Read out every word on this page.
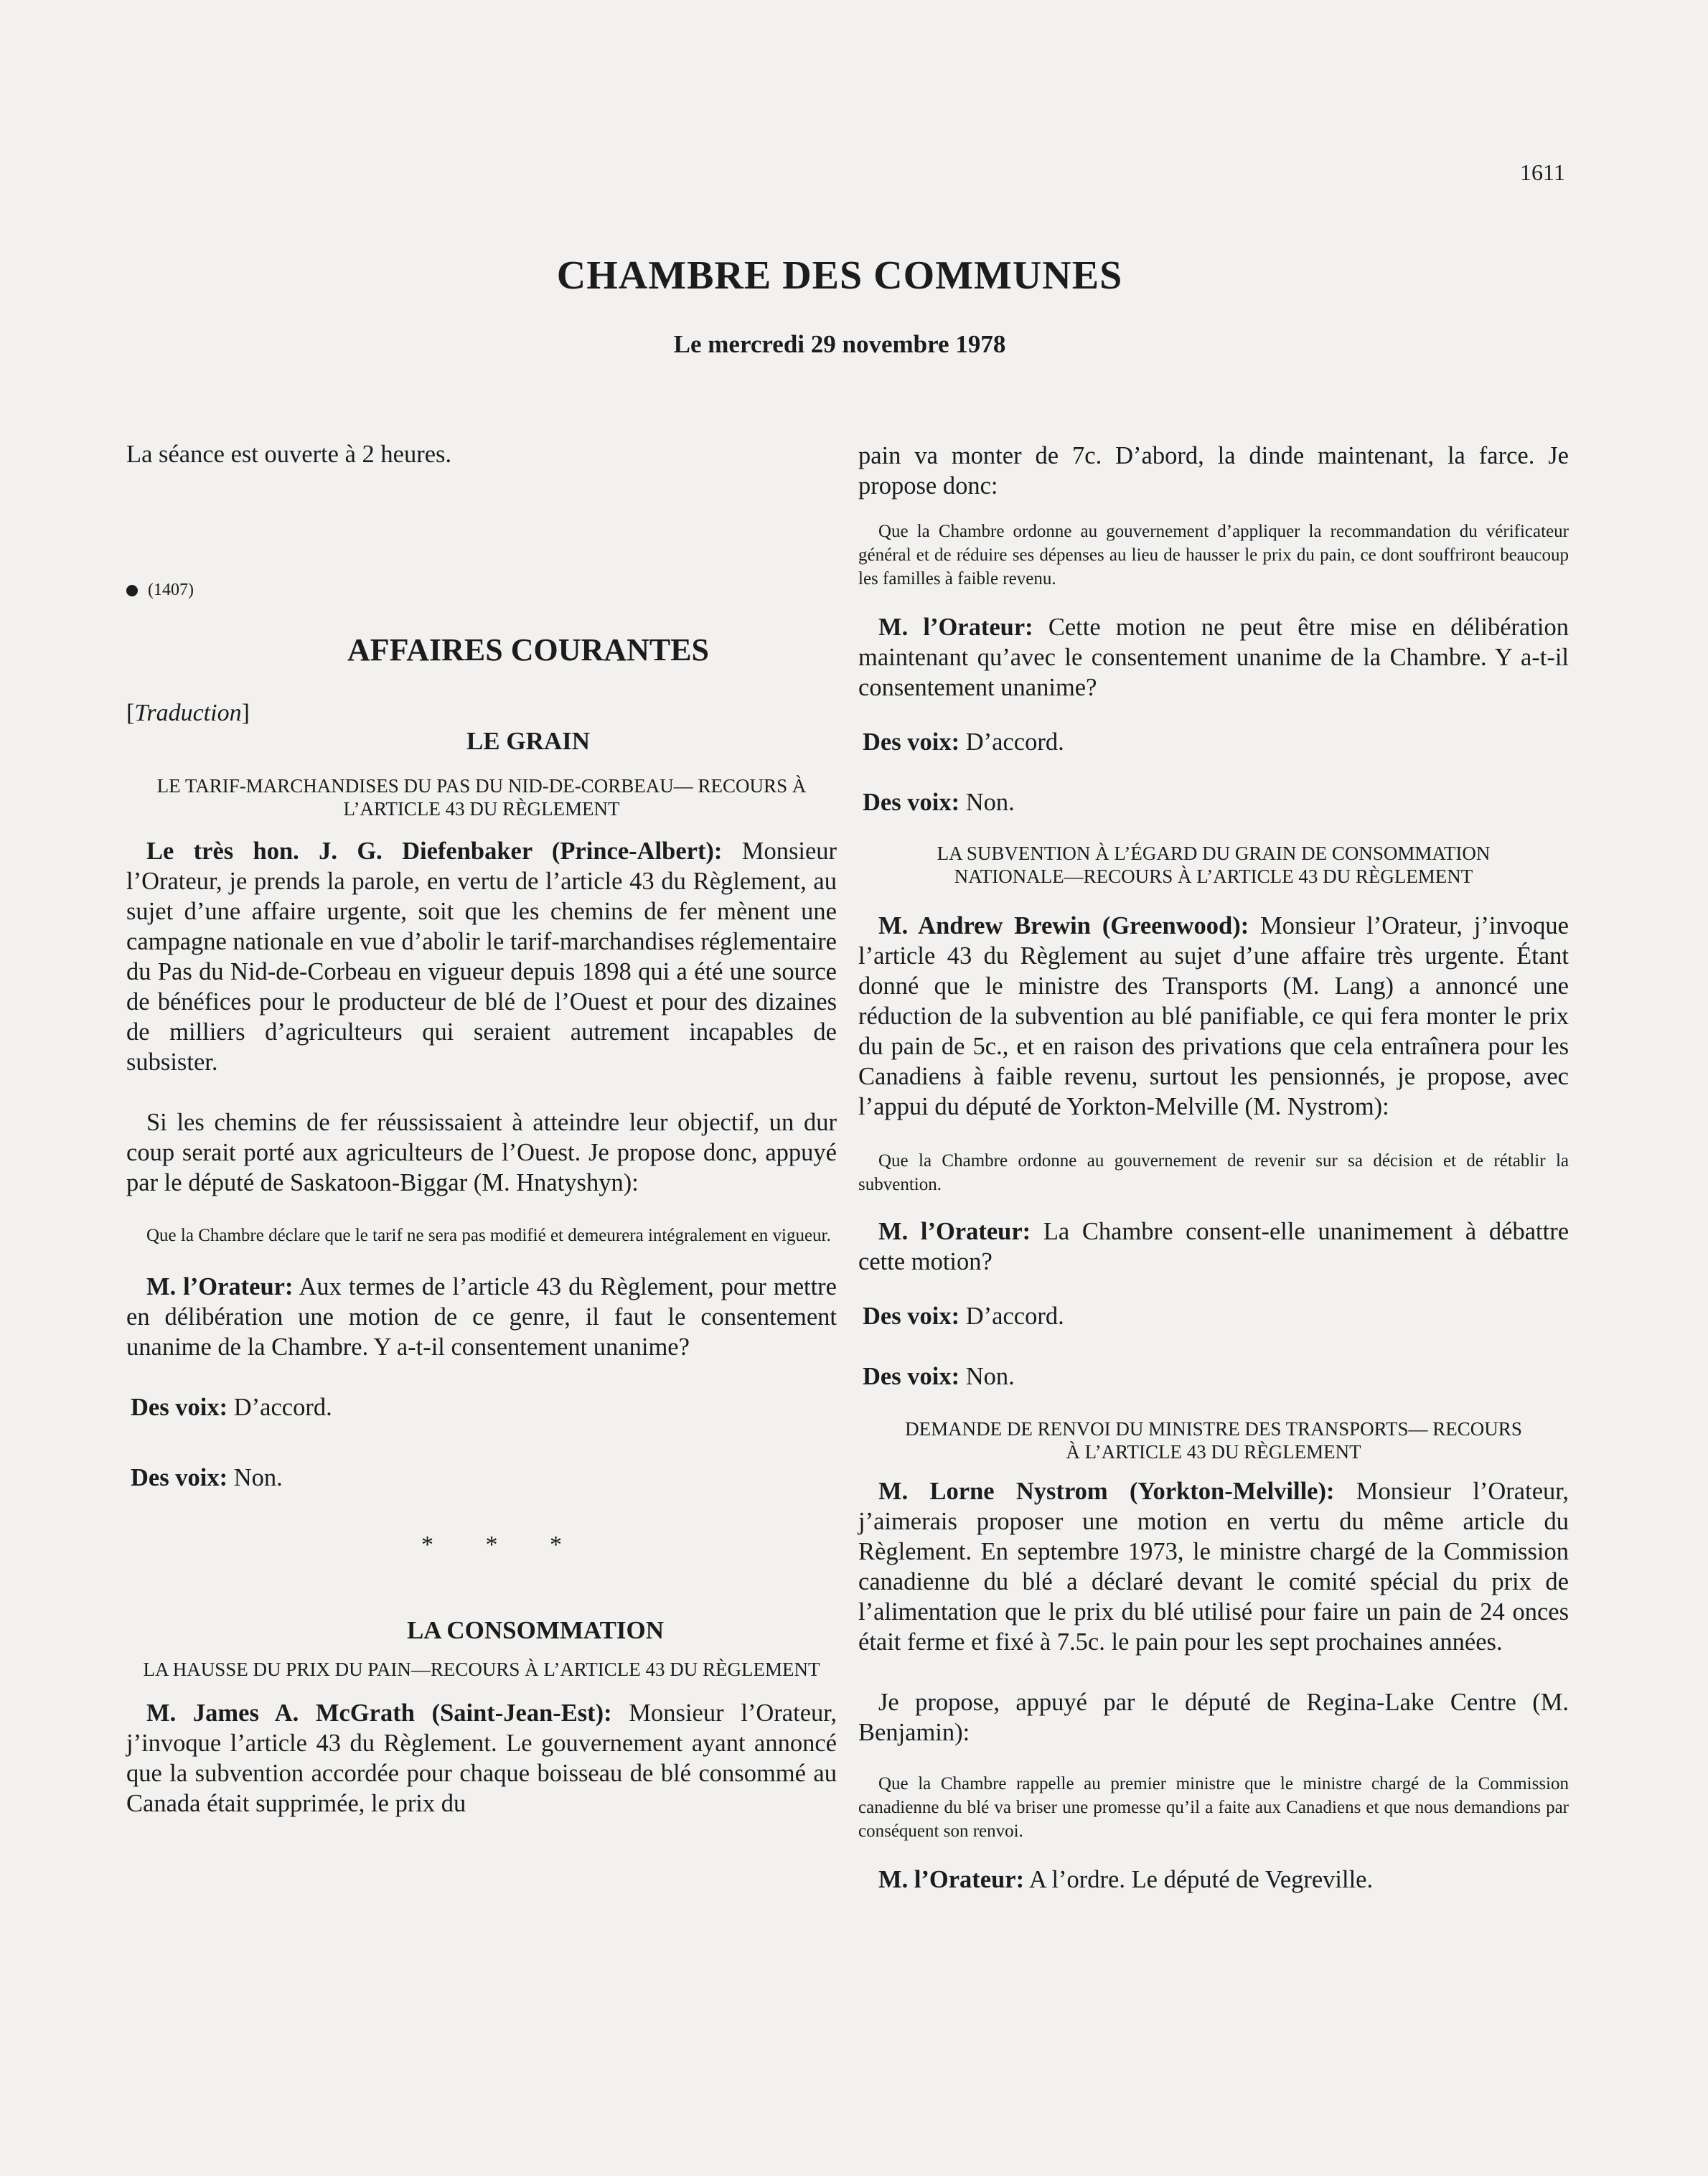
1611
CHAMBRE DES COMMUNES
Le mercredi 29 novembre 1978

La séance est ouverte à 2 heures.

(1407)
AFFAIRES COURANTES
[Traduction]
LE GRAIN
LE TARIF-MARCHANDISES DU PAS DU NID-DE-CORBEAU— RECOURS À L’ARTICLE 43 DU RÈGLEMENT

Le très hon. J. G. Diefenbaker (Prince-Albert): Monsieur l’Orateur, je prends la parole, en vertu de l’article 43 du Règlement, au sujet d’une affaire urgente, soit que les chemins de fer mènent une campagne nationale en vue d’abolir le tarif-marchandises réglementaire du Pas du Nid-de-Corbeau en vigueur depuis 1898 qui a été une source de bénéfices pour le producteur de blé de l’Ouest et pour des dizaines de milliers d’agriculteurs qui seraient autrement incapables de subsister.

Si les chemins de fer réussissaient à atteindre leur objectif, un dur coup serait porté aux agriculteurs de l’Ouest. Je propose donc, appuyé par le député de Saskatoon-Biggar (M. Hnatyshyn):

Que la Chambre déclare que le tarif ne sera pas modifié et demeurera intégralement en vigueur.

M. l’Orateur: Aux termes de l’article 43 du Règlement, pour mettre en délibération une motion de ce genre, il faut le consentement unanime de la Chambre. Y a-t-il consentement unanime?

Des voix: D’accord.

Des voix: Non.

* * *
LA CONSOMMATION
LA HAUSSE DU PRIX DU PAIN—RECOURS À L’ARTICLE 43 DU RÈGLEMENT

M. James A. McGrath (Saint-Jean-Est): Monsieur l’Orateur, j’invoque l’article 43 du Règlement. Le gouvernement ayant annoncé que la subvention accordée pour chaque boisseau de blé consommé au Canada était supprimée, le prix du

pain va monter de 7c. D’abord, la dinde maintenant, la farce. Je propose donc:

Que la Chambre ordonne au gouvernement d’appliquer la recommandation du vérificateur général et de réduire ses dépenses au lieu de hausser le prix du pain, ce dont souffriront beaucoup les familles à faible revenu.

M. l’Orateur: Cette motion ne peut être mise en délibération maintenant qu’avec le consentement unanime de la Chambre. Y a-t-il consentement unanime?

Des voix: D’accord.

Des voix: Non.

LA SUBVENTION À L’ÉGARD DU GRAIN DE CONSOMMATION NATIONALE—RECOURS À L’ARTICLE 43 DU RÈGLEMENT

M. Andrew Brewin (Greenwood): Monsieur l’Orateur, j’invoque l’article 43 du Règlement au sujet d’une affaire très urgente. Étant donné que le ministre des Transports (M. Lang) a annoncé une réduction de la subvention au blé panifiable, ce qui fera monter le prix du pain de 5c., et en raison des privations que cela entraînera pour les Canadiens à faible revenu, surtout les pensionnés, je propose, avec l’appui du député de Yorkton-Melville (M. Nystrom):

Que la Chambre ordonne au gouvernement de revenir sur sa décision et de rétablir la subvention.

M. l’Orateur: La Chambre consent-elle unanimement à débattre cette motion?

Des voix: D’accord.

Des voix: Non.

DEMANDE DE RENVOI DU MINISTRE DES TRANSPORTS— RECOURS À L’ARTICLE 43 DU RÈGLEMENT

M. Lorne Nystrom (Yorkton-Melville): Monsieur l’Orateur, j’aimerais proposer une motion en vertu du même article du Règlement. En septembre 1973, le ministre chargé de la Commission canadienne du blé a déclaré devant le comité spécial du prix de l’alimentation que le prix du blé utilisé pour faire un pain de 24 onces était ferme et fixé à 7.5c. le pain pour les sept prochaines années.

Je propose, appuyé par le député de Regina-Lake Centre (M. Benjamin):

Que la Chambre rappelle au premier ministre que le ministre chargé de la Commission canadienne du blé va briser une promesse qu’il a faite aux Canadiens et que nous demandions par conséquent son renvoi.

M. l’Orateur: A l’ordre. Le député de Vegreville.
